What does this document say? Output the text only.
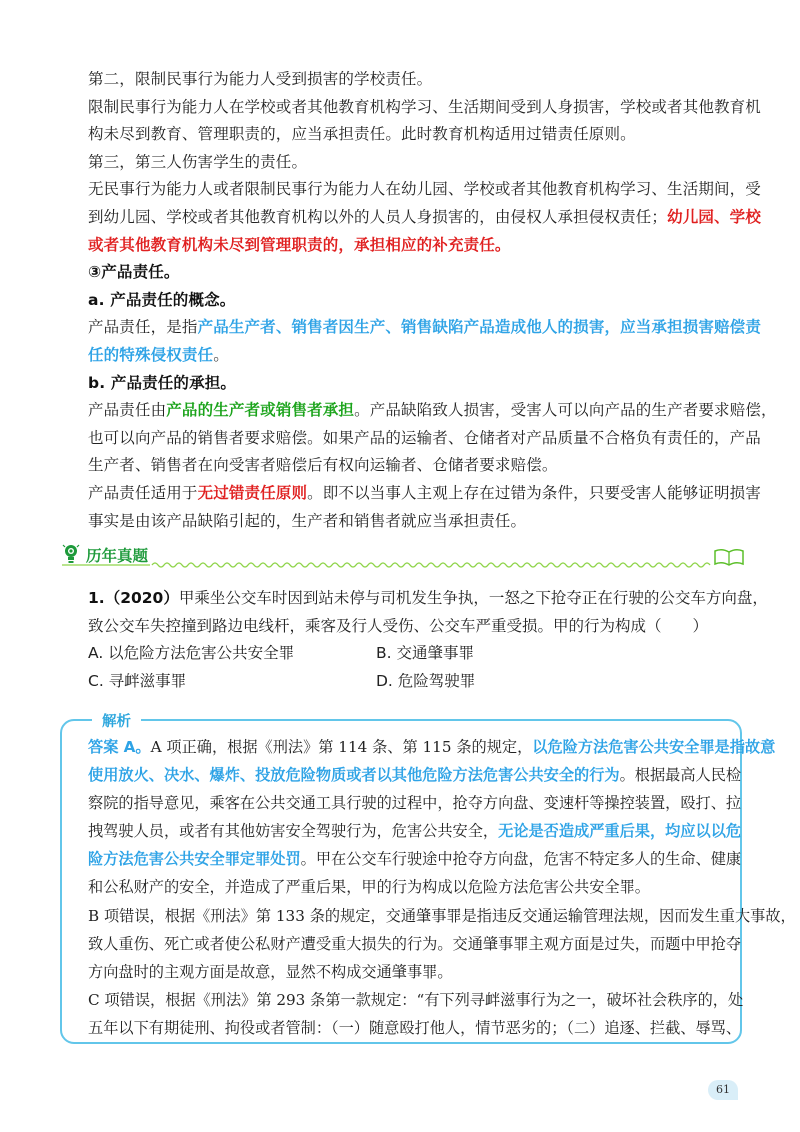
第二，限制民事行为能力人受到损害的学校责任。
限制民事行为能力人在学校或者其他教育机构学习、生活期间受到人身损害，学校或者其他教育机
构未尽到教育、管理职责的，应当承担责任。此时教育机构适用过错责任原则。
第三，第三人伤害学生的责任。
无民事行为能力人或者限制民事行为能力人在幼儿园、学校或者其他教育机构学习、生活期间，受
到幼儿园、学校或者其他教育机构以外的人员人身损害的，由侵权人承担侵权责任；幼儿园、学校
或者其他教育机构未尽到管理职责的，承担相应的补充责任。
③产品责任。
a. 产品责任的概念。
产品责任，是指产品生产者、销售者因生产、销售缺陷产品造成他人的损害，应当承担损害赔偿责
任的特殊侵权责任。
b. 产品责任的承担。
产品责任由产品的生产者或销售者承担。产品缺陷致人损害，受害人可以向产品的生产者要求赔偿，
也可以向产品的销售者要求赔偿。如果产品的运输者、仓储者对产品质量不合格负有责任的，产品
生产者、销售者在向受害者赔偿后有权向运输者、仓储者要求赔偿。
产品责任适用于无过错责任原则。即不以当事人主观上存在过错为条件，只要受害人能够证明损害
事实是由该产品缺陷引起的，生产者和销售者就应当承担责任。
历年真题
1.（2020）甲乘坐公交车时因到站未停与司机发生争执，一怒之下抢夺正在行驶的公交车方向盘，
致公交车失控撞到路边电线杆，乘客及行人受伤、公交车严重受损。甲的行为构成（　　）
A. 以危险方法危害公共安全罪	B. 交通肇事罪
C. 寻衅滋事罪	D. 危险驾驶罪
解析
答案 A。A 项正确，根据《刑法》第 114 条、第 115 条的规定，以危险方法危害公共安全罪是指故意
使用放火、决水、爆炸、投放危险物质或者以其他危险方法危害公共安全的行为。根据最高人民检
察院的指导意见，乘客在公共交通工具行驶的过程中，抢夺方向盘、变速杆等操控装置，殴打、拉
拽驾驶人员，或者有其他妨害安全驾驶行为，危害公共安全，无论是否造成严重后果，均应以以危
险方法危害公共安全罪定罪处罚。甲在公交车行驶途中抢夺方向盘，危害不特定多人的生命、健康
和公私财产的安全，并造成了严重后果，甲的行为构成以危险方法危害公共安全罪。
B 项错误，根据《刑法》第 133 条的规定，交通肇事罪是指违反交通运输管理法规，因而发生重大事故，
致人重伤、死亡或者使公私财产遭受重大损失的行为。交通肇事罪主观方面是过失，而题中甲抢夺
方向盘时的主观方面是故意，显然不构成交通肇事罪。
C 项错误，根据《刑法》第 293 条第一款规定：“有下列寻衅滋事行为之一，破坏社会秩序的，处
五年以下有期徒刑、拘役或者管制：（一）随意殴打他人，情节恶劣的；（二）追逐、拦截、辱骂、
61
